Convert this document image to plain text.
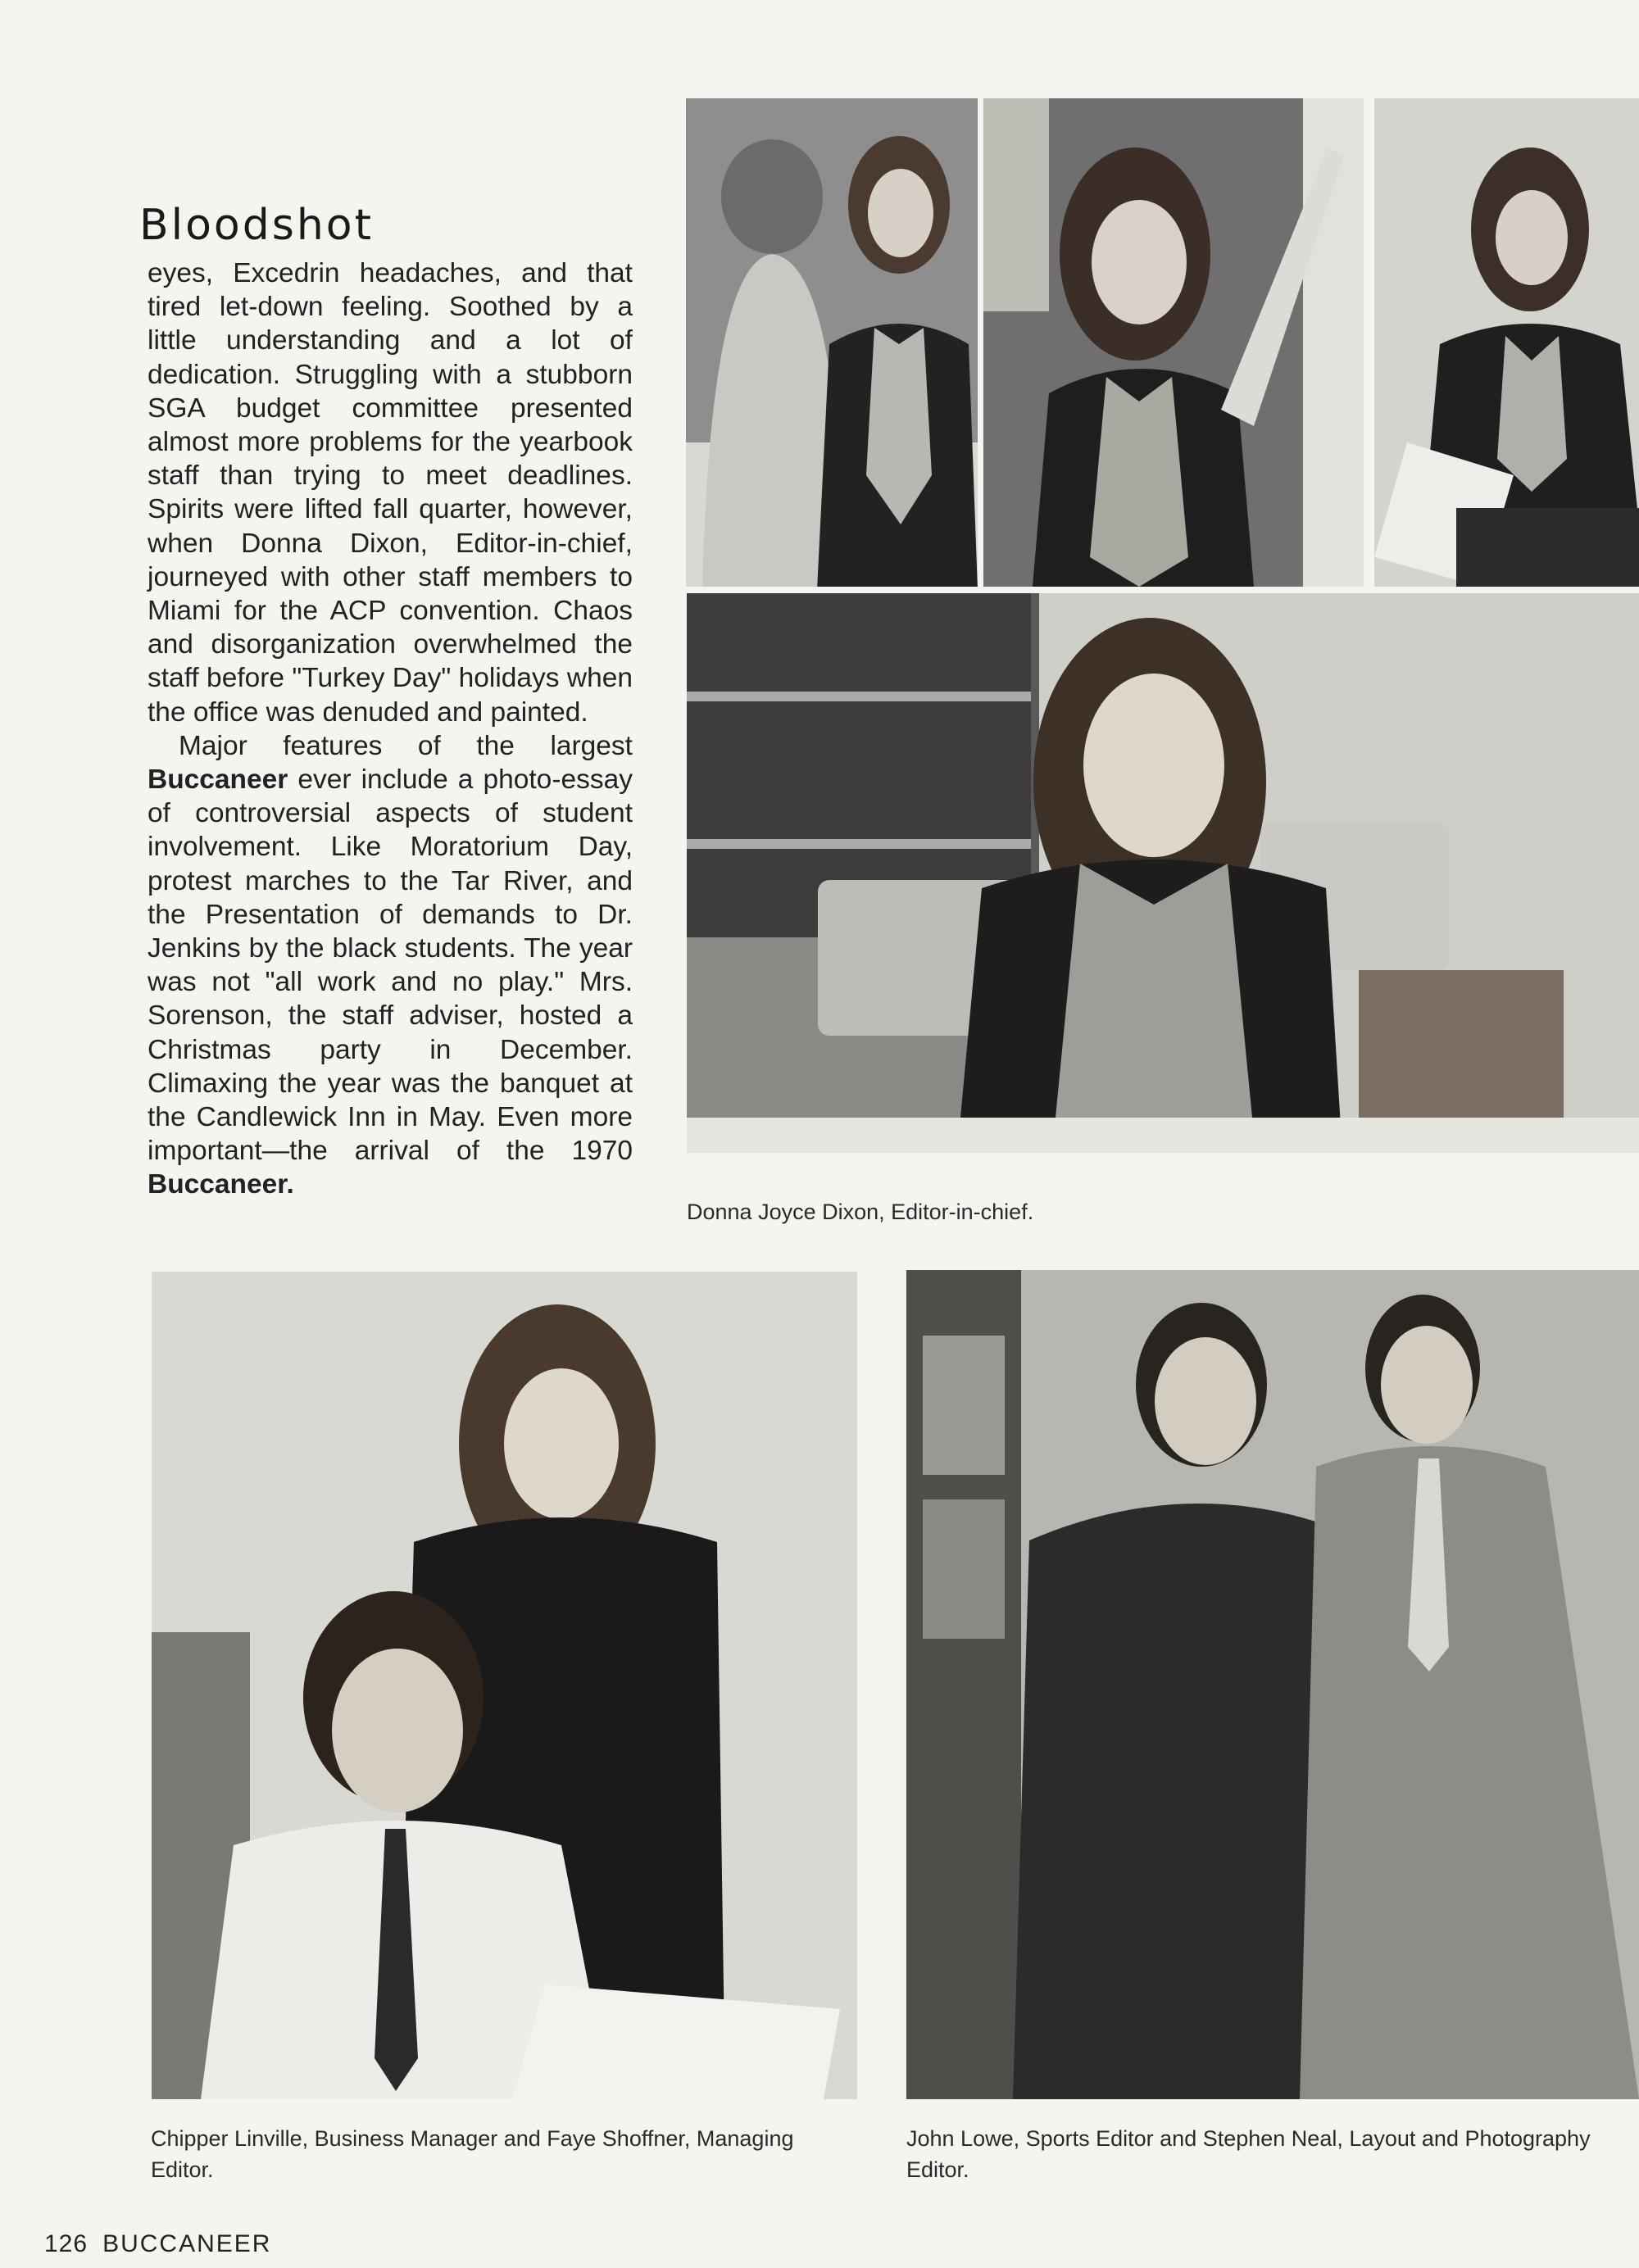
Bloodshot

eyes, Excedrin headaches, and that tired let-down feeling. Soothed by a little understanding and a lot of dedication. Struggling with a stubborn SGA budget committee presented almost more problems for the yearbook staff than trying to meet deadlines. Spirits were lifted fall quarter, however, when Donna Dixon, Editor-in-chief, journeyed with other staff members to Miami for the ACP convention. Chaos and disorganization overwhelmed the staff before "Turkey Day" holidays when the office was denuded and painted.

Major features of the largest Buccaneer ever include a photo-essay of controversial aspects of student involvement. Like Moratorium Day, protest marches to the Tar River, and the Presentation of demands to Dr. Jenkins by the black students. The year was not "all work and no play." Mrs. Sorenson, the staff adviser, hosted a Christmas party in December. Climaxing the year was the banquet at the Candlewick Inn in May. Even more important—the arrival of the 1970 Buccaneer.

Donna Joyce Dixon, Editor-in-chief.
Chipper Linville, Business Manager and Faye Shoffner, Managing Editor.
John Lowe, Sports Editor and Stephen Neal, Layout and Photography Editor.
126 BUCCANEER
